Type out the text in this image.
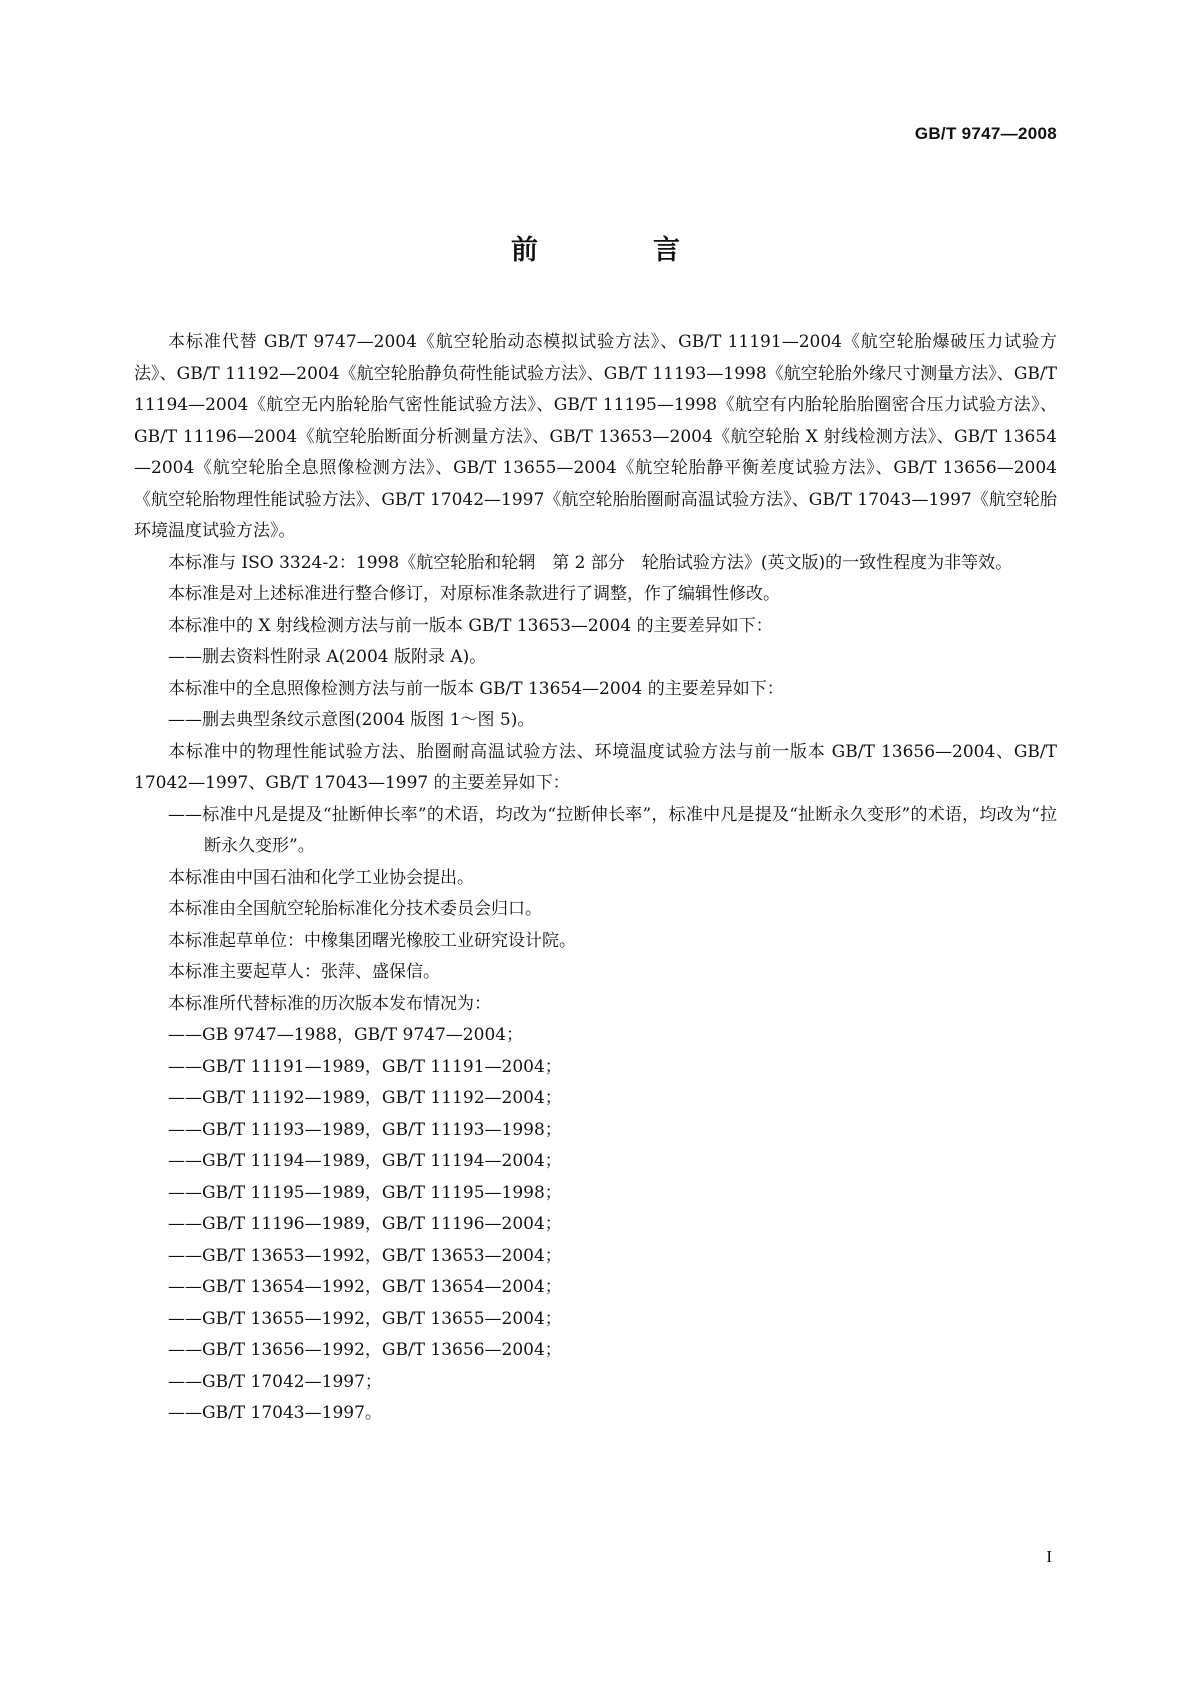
GB/T 9747—2008
前　言

本标准代替 GB/T 9747—2004《航空轮胎动态模拟试验方法》、GB/T 11191—2004《航空轮胎爆破压力试验方法》、GB/T 11192—2004《航空轮胎静负荷性能试验方法》、GB/T 11193—1998《航空轮胎外缘尺寸测量方法》、GB/T 11194—2004《航空无内胎轮胎气密性能试验方法》、GB/T 11195—1998《航空有内胎轮胎胎圈密合压力试验方法》、GB/T 11196—2004《航空轮胎断面分析测量方法》、GB/T 13653—2004《航空轮胎 X 射线检测方法》、GB/T 13654—2004《航空轮胎全息照像检测方法》、GB/T 13655—2004《航空轮胎静平衡差度试验方法》、GB/T 13656—2004《航空轮胎物理性能试验方法》、GB/T 17042—1997《航空轮胎胎圈耐高温试验方法》、GB/T 17043—1997《航空轮胎环境温度试验方法》。

本标准与 ISO 3324-2：1998《航空轮胎和轮辋　第 2 部分　轮胎试验方法》(英文版)的一致性程度为非等效。

本标准是对上述标准进行整合修订，对原标准条款进行了调整，作了编辑性修改。

本标准中的 X 射线检测方法与前一版本 GB/T 13653—2004 的主要差异如下：

——删去资料性附录 A(2004 版附录 A)。

本标准中的全息照像检测方法与前一版本 GB/T 13654—2004 的主要差异如下：

——删去典型条纹示意图(2004 版图 1～图 5)。

本标准中的物理性能试验方法、胎圈耐高温试验方法、环境温度试验方法与前一版本 GB/T 13656—2004、GB/T 17042—1997、GB/T 17043—1997 的主要差异如下：

——标准中凡是提及“扯断伸长率”的术语，均改为“拉断伸长率”，标准中凡是提及“扯断永久变形”的术语，均改为“拉断永久变形”。

本标准由中国石油和化学工业协会提出。

本标准由全国航空轮胎标准化分技术委员会归口。

本标准起草单位：中橡集团曙光橡胶工业研究设计院。

本标准主要起草人：张萍、盛保信。

本标准所代替标准的历次版本发布情况为：

——GB 9747—1988，GB/T 9747—2004；

——GB/T 11191—1989，GB/T 11191—2004；

——GB/T 11192—1989，GB/T 11192—2004；

——GB/T 11193—1989，GB/T 11193—1998；

——GB/T 11194—1989，GB/T 11194—2004；

——GB/T 11195—1989，GB/T 11195—1998；

——GB/T 11196—1989，GB/T 11196—2004；

——GB/T 13653—1992，GB/T 13653—2004；

——GB/T 13654—1992，GB/T 13654—2004；

——GB/T 13655—1992，GB/T 13655—2004；

——GB/T 13656—1992，GB/T 13656—2004；

——GB/T 17042—1997；

——GB/T 17043—1997。

I
